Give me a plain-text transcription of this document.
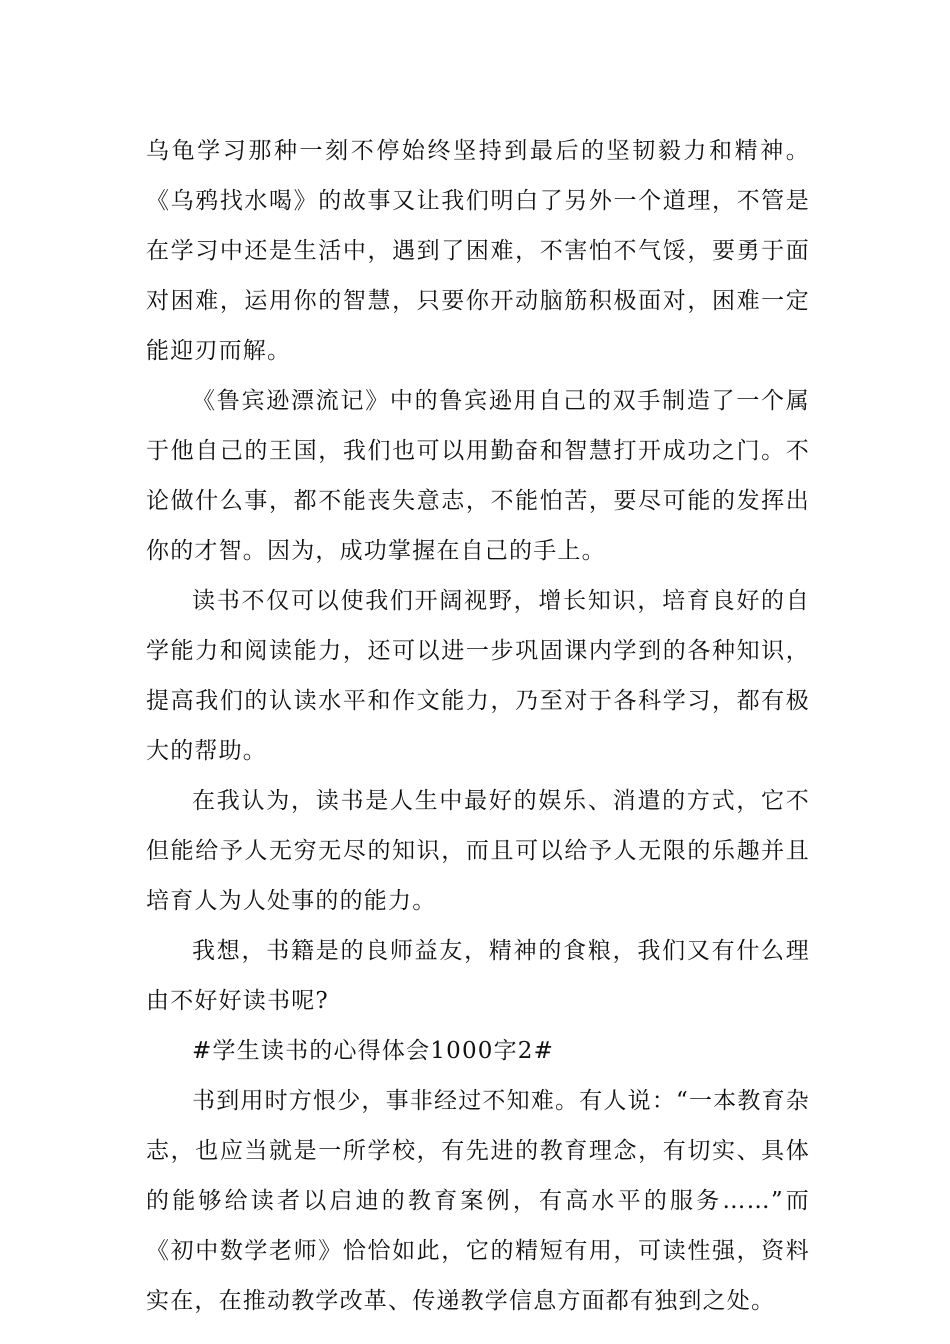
乌龟学习那种一刻不停始终坚持到最后的坚韧毅力和精神。《乌鸦找水喝》的故事又让我们明白了另外一个道理，不管是在学习中还是生活中，遇到了困难，不害怕不气馁，要勇于面对困难，运用你的智慧，只要你开动脑筋积极面对，困难一定能迎刃而解。

《鲁宾逊漂流记》中的鲁宾逊用自己的双手制造了一个属于他自己的王国，我们也可以用勤奋和智慧打开成功之门。不论做什么事，都不能丧失意志，不能怕苦，要尽可能的发挥出你的才智。因为，成功掌握在自己的手上。

读书不仅可以使我们开阔视野，增长知识，培育良好的自学能力和阅读能力，还可以进一步巩固课内学到的各种知识，提高我们的认读水平和作文能力，乃至对于各科学习，都有极大的帮助。

在我认为，读书是人生中最好的娱乐、消遣的方式，它不但能给予人无穷无尽的知识，而且可以给予人无限的乐趣并且培育人为人处事的的能力。

我想，书籍是的良师益友，精神的食粮，我们又有什么理由不好好读书呢?

#学生读书的心得体会1000字2#

书到用时方恨少，事非经过不知难。有人说：“一本教育杂志，也应当就是一所学校，有先进的教育理念，有切实、具体的能够给读者以启迪的教育案例，有高水平的服务……”而《初中数学老师》恰恰如此，它的精短有用，可读性强，资料实在，在推动教学改革、传递教学信息方面都有独到之处。
